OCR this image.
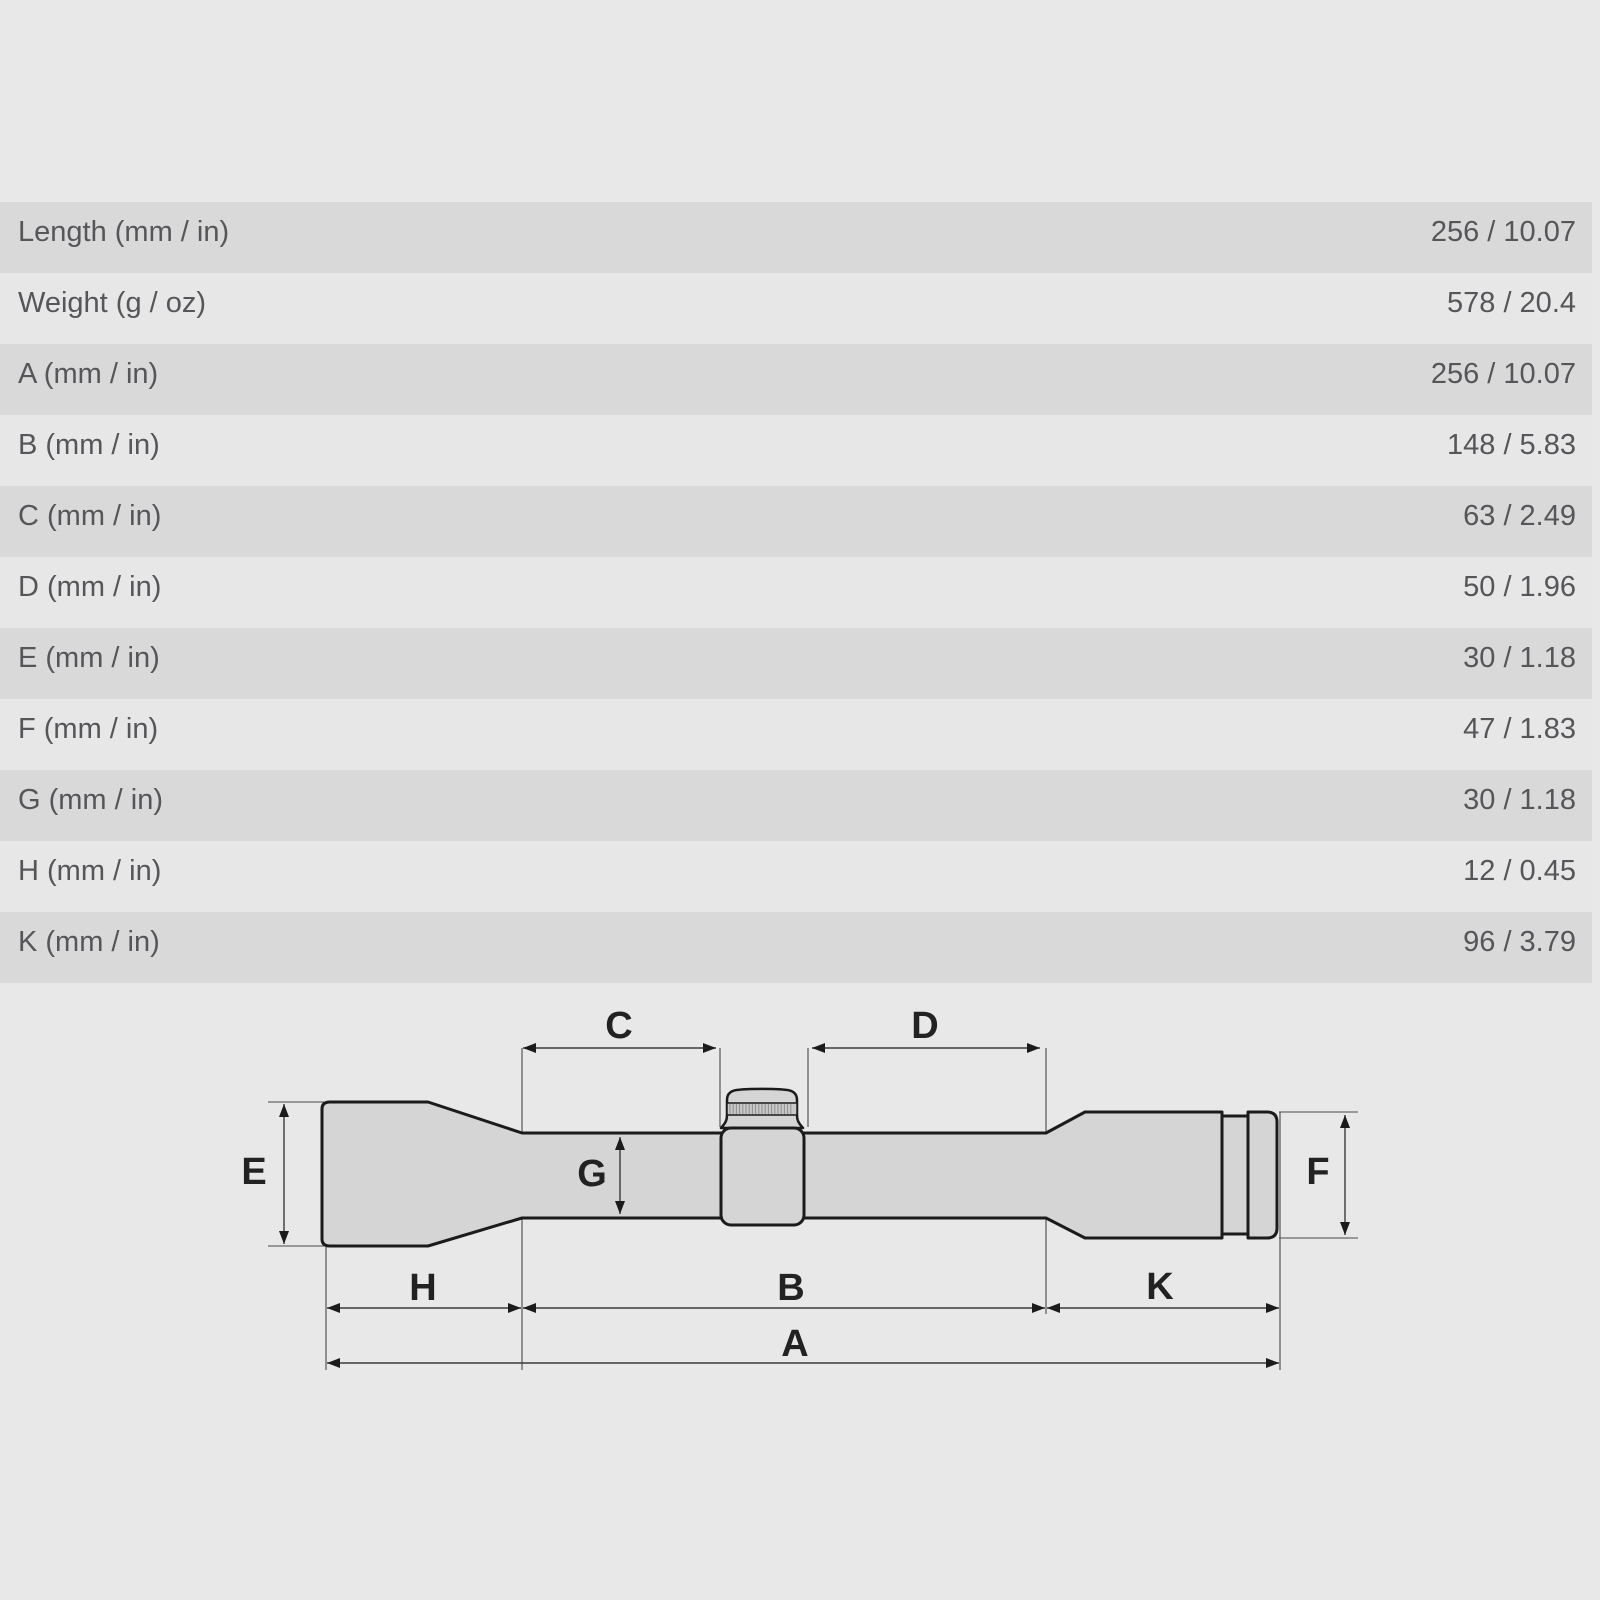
Length (mm / in)	256 / 10.07
Weight (g / oz)	578 / 20.4
A (mm / in)	256 / 10.07
B (mm / in)	148 / 5.83
C (mm / in)	63 / 2.49
D (mm / in)	50 / 1.96
E (mm / in)	30 / 1.18
F (mm / in)	47 / 1.83
G (mm / in)	30 / 1.18
H (mm / in)	12 / 0.45
K (mm / in)	96 / 3.79
C	D
E	G	F
H	B	K
A
